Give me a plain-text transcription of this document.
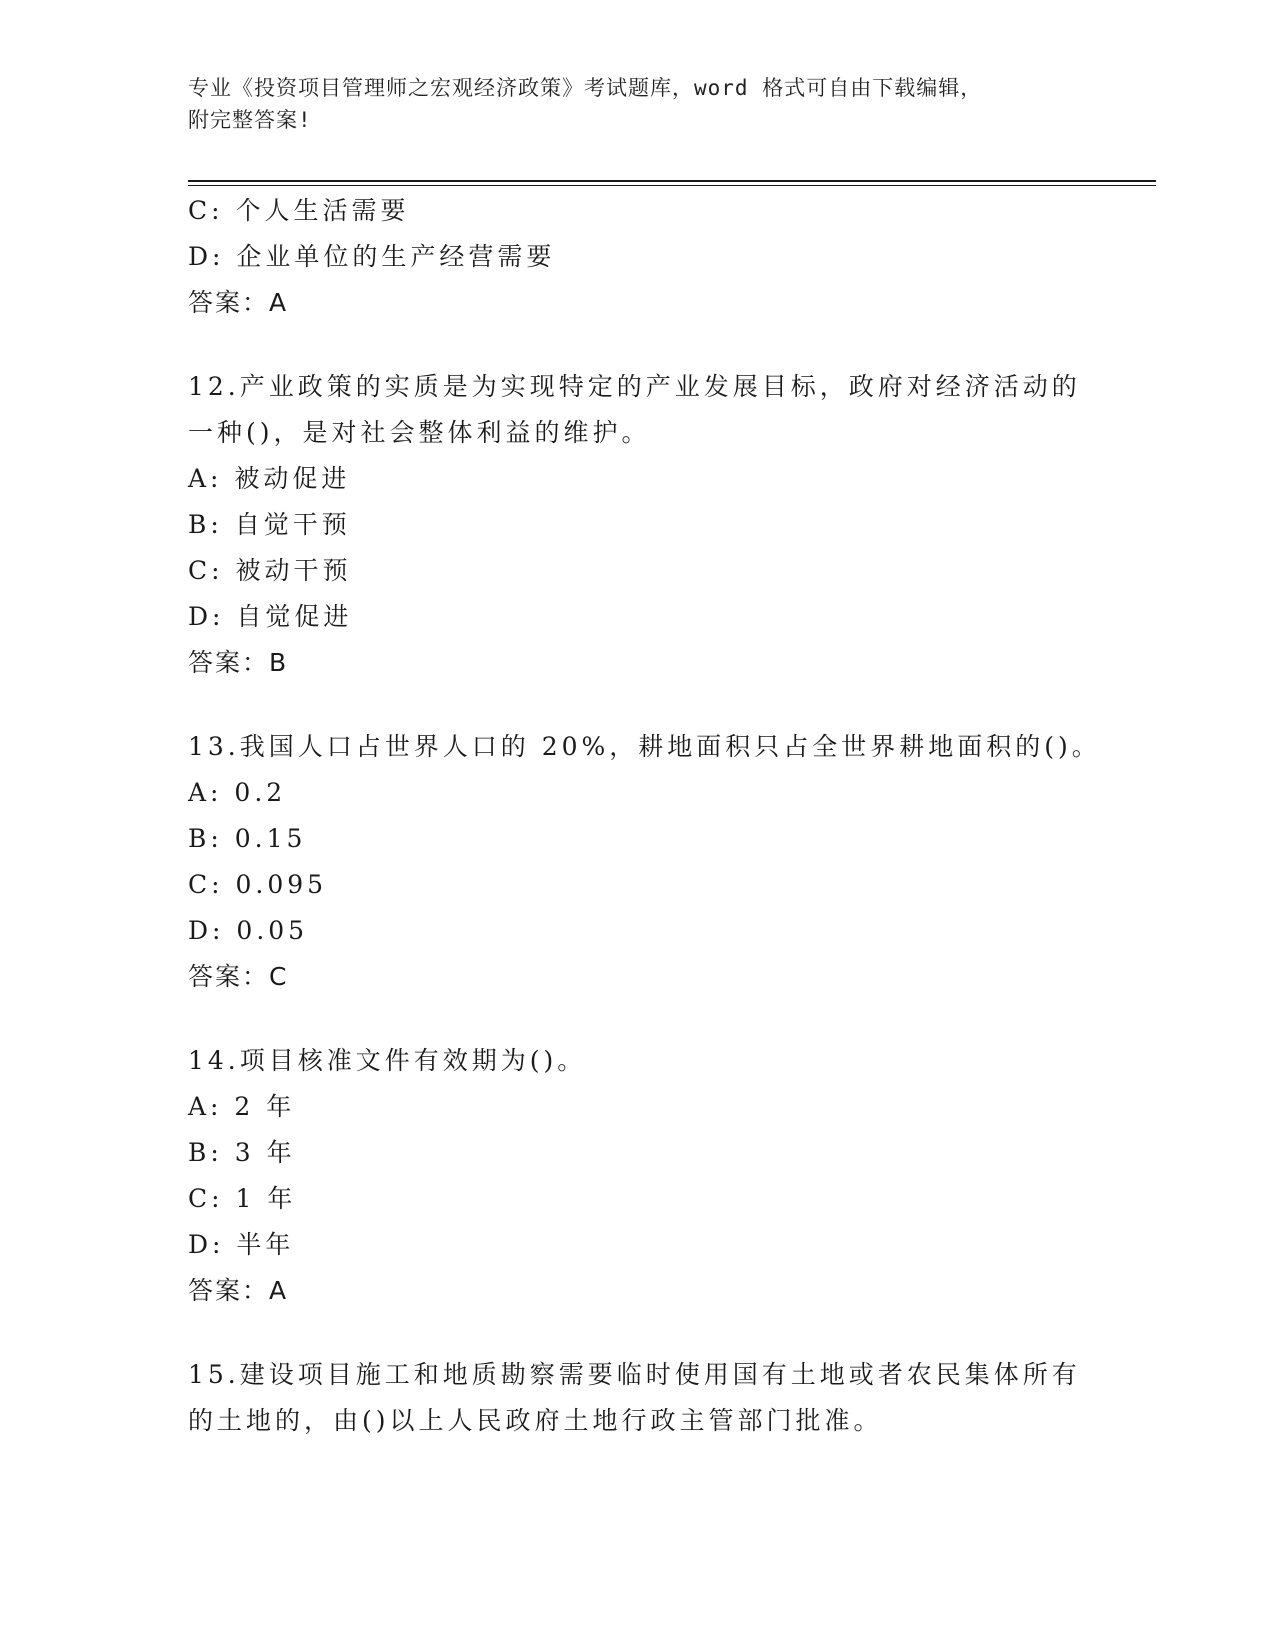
专业《投资项目管理师之宏观经济政策》考试题库，word 格式可自由下载编辑，
附完整答案!
C: 个人生活需要
D: 企业单位的生产经营需要
答案：A
12.产业政策的实质是为实现特定的产业发展目标，政府对经济活动的
一种()，是对社会整体利益的维护。
A: 被动促进
B: 自觉干预
C: 被动干预
D: 自觉促进
答案：B
13.我国人口占世界人口的 20%，耕地面积只占全世界耕地面积的()。
A: 0.2
B: 0.15
C: 0.095
D: 0.05
答案：C
14.项目核准文件有效期为()。
A: 2 年
B: 3 年
C: 1 年
D: 半年
答案：A
15.建设项目施工和地质勘察需要临时使用国有土地或者农民集体所有
的土地的，由()以上人民政府土地行政主管部门批准。
